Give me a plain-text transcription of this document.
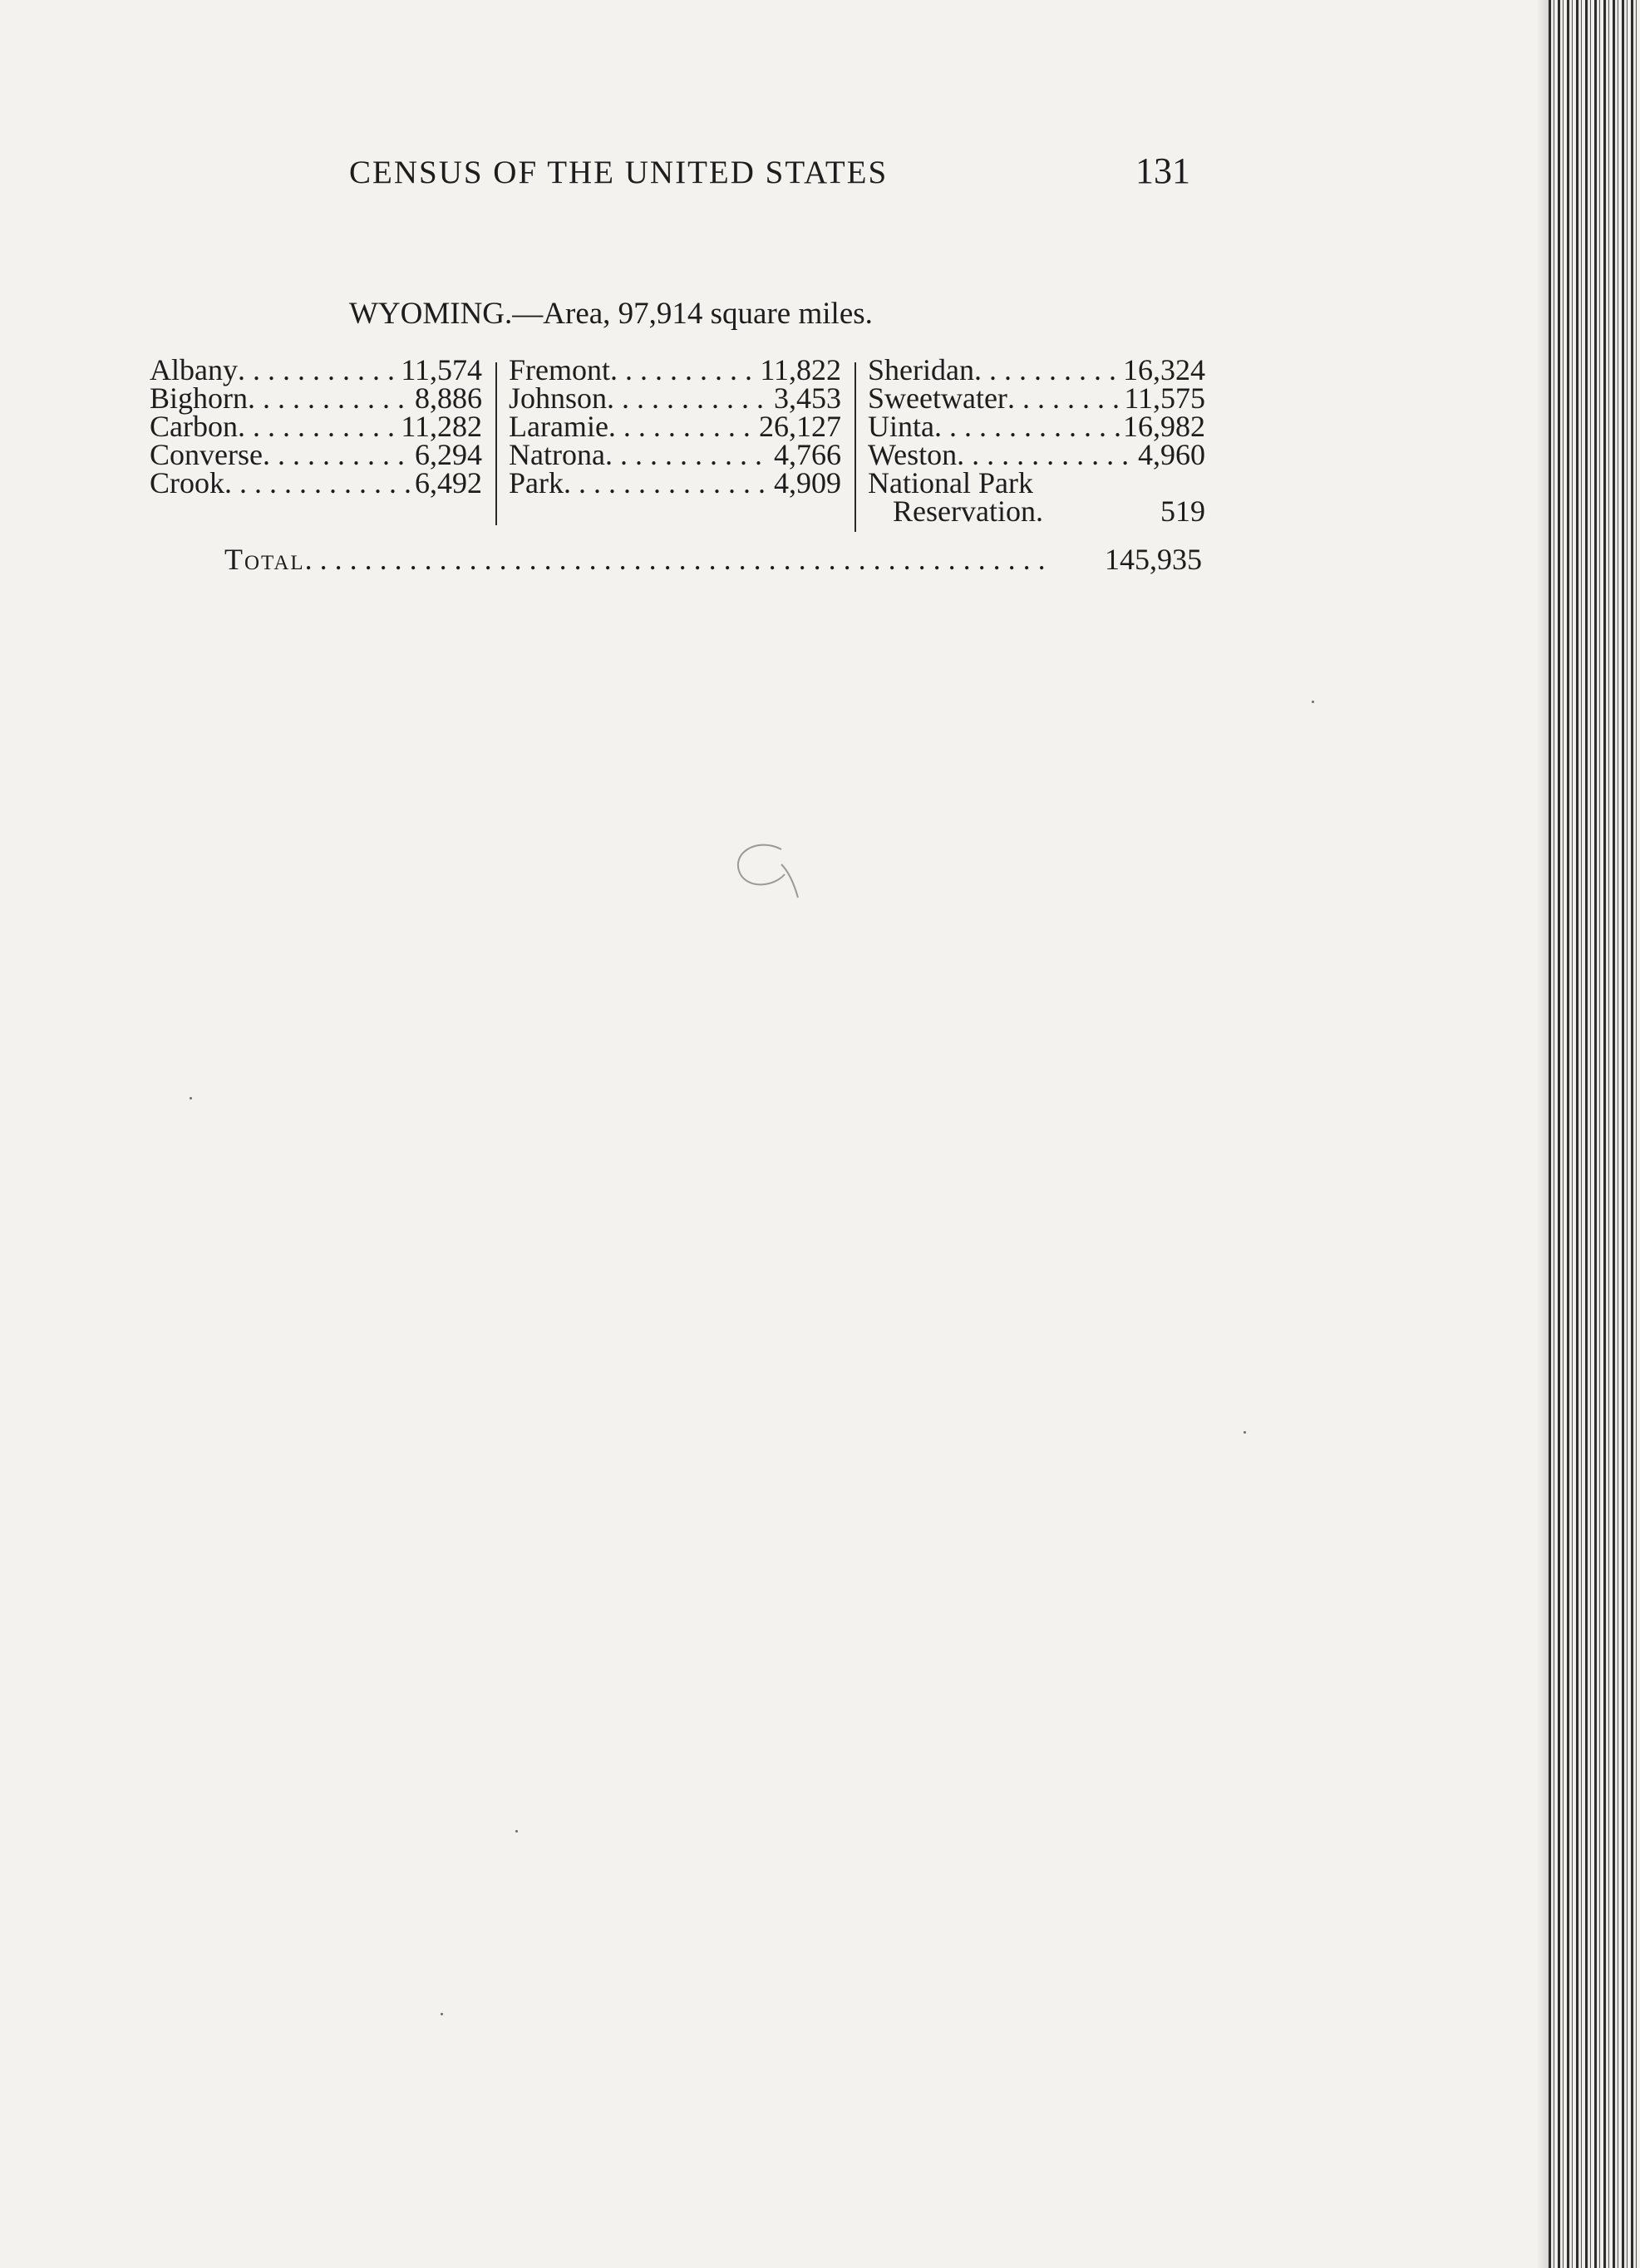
CENSUS OF THE UNITED STATES	131
WYOMING.—Area, 97,914 square miles.
Albany . . .	11,574
Bighorn . . .	8,886
Carbon . . .	11,282
Converse . . .	6,294
Crook . . .	6,492
Fremont . . .	11,822
Johnson . . .	3,453
Laramie . . .	26,127
Natrona . . .	4,766
Park . . .	4,909
Sheridan . . .	16,324
Sweetwater . . .	11,575
Uinta . . .	16,982
Weston . . .	4,960
National Park
Reservation.	519
Total . . .	145,935
